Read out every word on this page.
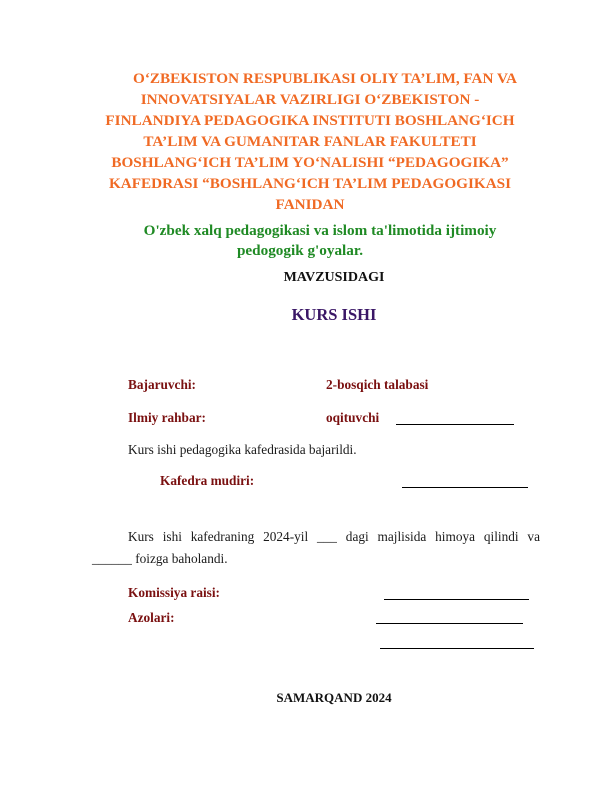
O‘ZBEKISTON RESPUBLIKASI OLIY TA’LIM, FAN VA
INNOVATSIYALAR VAZIRLIGI O‘ZBEKISTON -
FINLANDIYA PEDAGOGIKA INSTITUTI BOSHLANG‘ICH
TA’LIM VA GUMANITAR FANLAR FAKULTETI
BOSHLANG‘ICH TA’LIM YO‘NALISHI “PEDAGOGIKA”
KAFEDRASI “BOSHLANG‘ICH TA’LIM PEDAGOGIKASI
FANIDAN
O'zbek xalq pedagogikasi va islom ta'limotida ijtimoiy
pedogogik g'oyalar.
MAVZUSIDAGI
KURS ISHI
Bajaruvchi:	2-bosqich talabasi
Ilmiy rahbar:	oqituvchi
Kurs ishi pedagogika kafedrasida bajarildi.
Kafedra mudiri:
Kurs ishi kafedraning 2024-yil ___ dagi majlisida himoya qilindi va
______ foizga baholandi.
Komissiya raisi:
Azolari:
SAMARQAND 2024
